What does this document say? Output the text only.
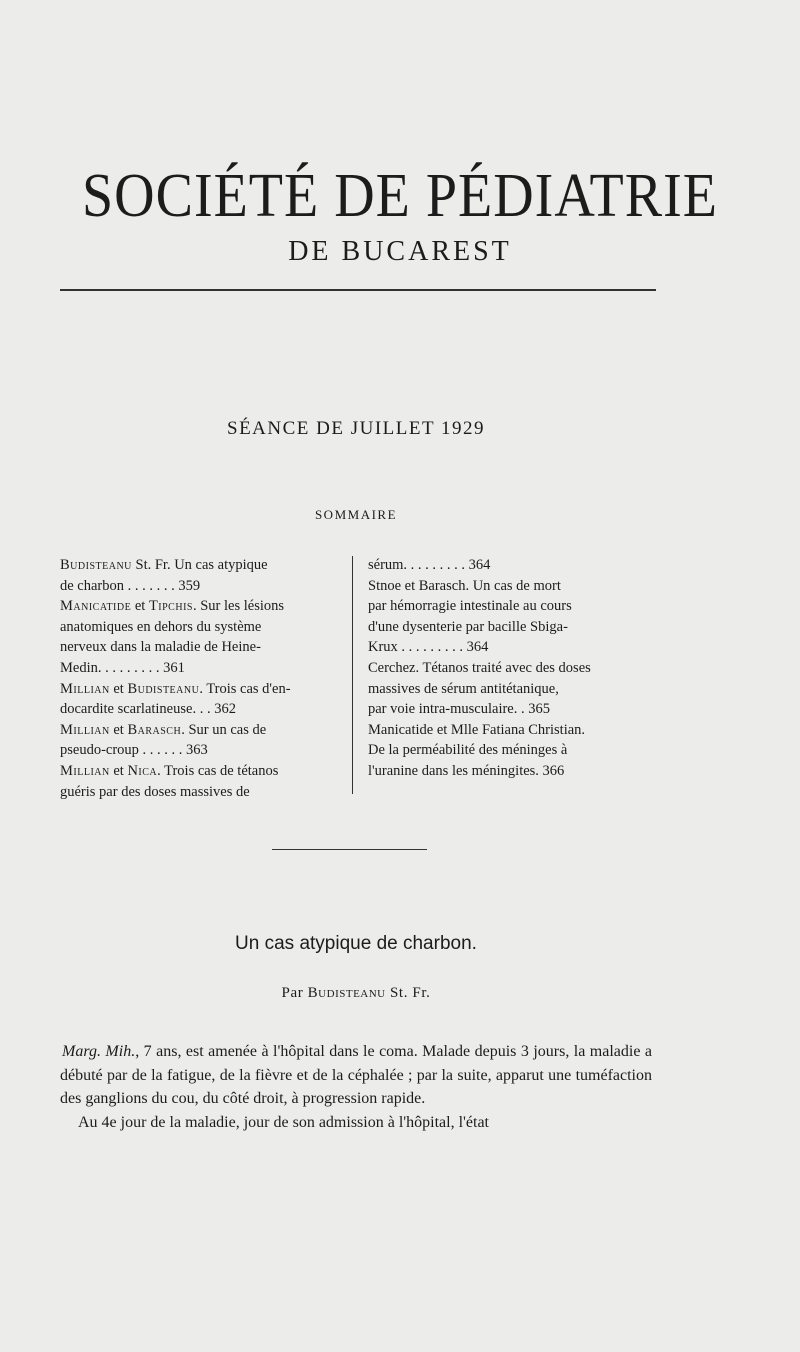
SOCIÉTÉ DE PÉDIATRIE
DE BUCAREST
SÉANCE DE JUILLET 1929
SOMMAIRE
Budisteanu St. Fr. Un cas atypique
de charbon . . . . . . . 359
Manicatide et Tipchis. Sur les lésions
anatomiques en dehors du système
nerveux dans la maladie de Heine-
Medin. . . . . . . . . 361
Millian et Budisteanu. Trois cas d'en-
docardite scarlatineuse. . . 362
Millian et Barasch. Sur un cas de
pseudo-croup . . . . . . 363
Millian et Nica. Trois cas de tétanos
guéris par des doses massives de
sérum. . . . . . . . . 364
Stnoe et Barasch. Un cas de mort
par hémorragie intestinale au cours
d'une dysenterie par bacille Sbiga-
Krux . . . . . . . . . 364
Cerchez. Tétanos traité avec des doses
massives de sérum antitétanique,
par voie intra-musculaire. . 365
Manicatide et Mlle Fatiana Christian.
De la perméabilité des méninges à
l'uranine dans les méningites. 366
Un cas atypique de charbon.
Par Budisteanu St. Fr.
Marg. Mih., 7 ans, est amenée à l'hôpital dans le coma. Malade depuis 3 jours, la maladie a débuté par de la fatigue, de la fièvre et de la céphalée ; par la suite, apparut une tuméfaction des ganglions du cou, du côté droit, à progression rapide.
Au 4e jour de la maladie, jour de son admission à l'hôpital, l'état
